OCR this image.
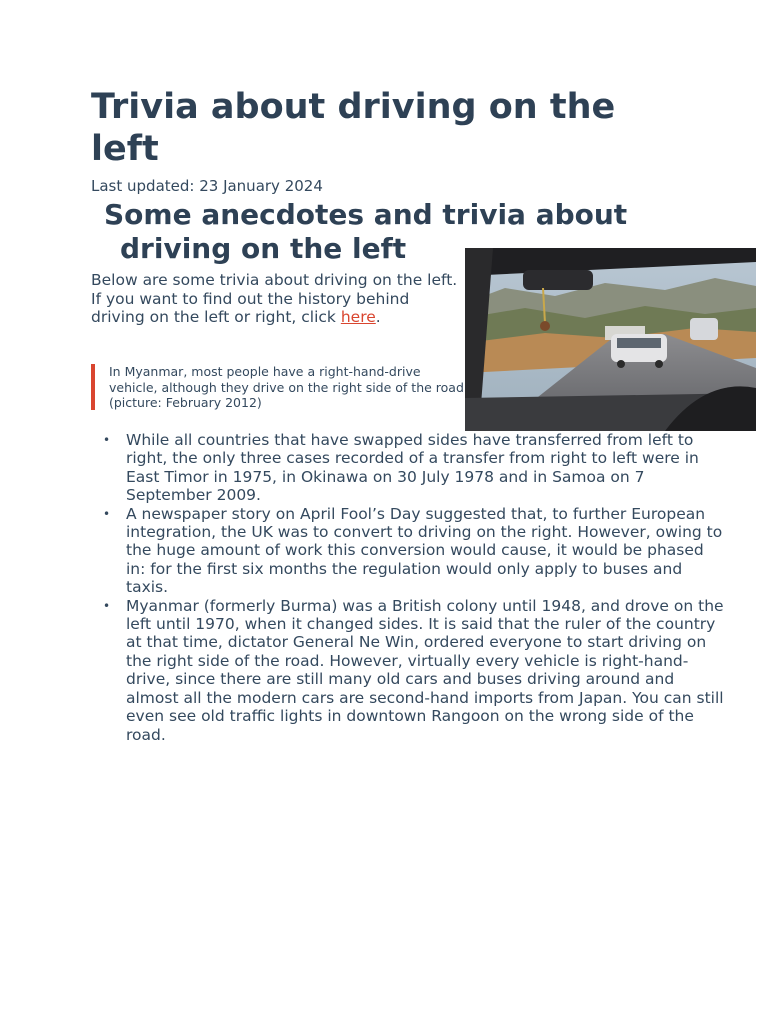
Trivia about driving on the left
Last updated: 23 January 2024
Some anecdotes and trivia about
driving on the left
Below are some trivia about driving on the left. If you want to find out the history behind driving on the left or right, click here.
In Myanmar, most people have a right-hand-drive vehicle, although they drive on the right side of the road (picture: February 2012)
• While all countries that have swapped sides have transferred from left to right, the only three cases recorded of a transfer from right to left were in East Timor in 1975, in Okinawa on 30 July 1978 and in Samoa on 7 September 2009.
• A newspaper story on April Fool’s Day suggested that, to further European integration, the UK was to convert to driving on the right. However, owing to the huge amount of work this conversion would cause, it would be phased in: for the first six months the regulation would only apply to buses and taxis.
• Myanmar (formerly Burma) was a British colony until 1948, and drove on the left until 1970, when it changed sides. It is said that the ruler of the country at that time, dictator General Ne Win, ordered everyone to start driving on the right side of the road. However, virtually every vehicle is right-hand-drive, since there are still many old cars and buses driving around and almost all the modern cars are second-hand imports from Japan. You can still even see old traffic lights in downtown Rangoon on the wrong side of the road.
